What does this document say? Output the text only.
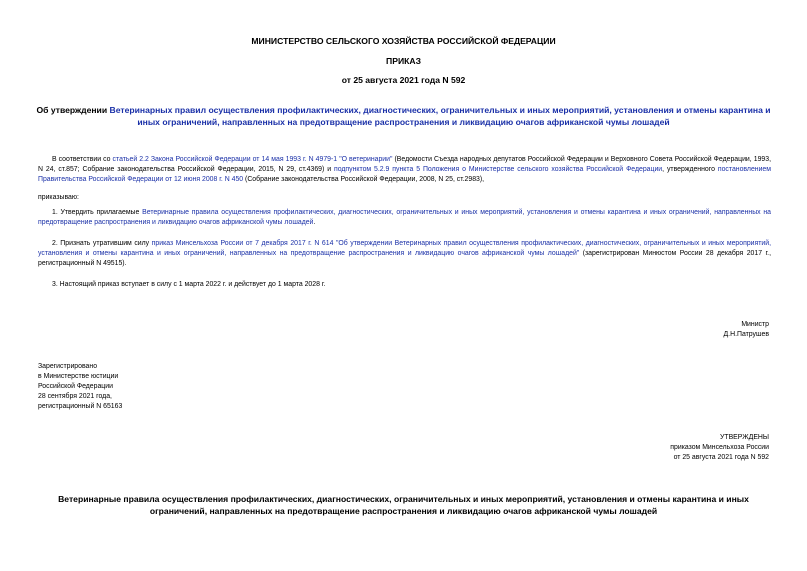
МИНИСТЕРСТВО СЕЛЬСКОГО ХОЗЯЙСТВА РОССИЙСКОЙ ФЕДЕРАЦИИ
ПРИКАЗ
от 25 августа 2021 года N 592
Об утверждении Ветеринарных правил осуществления профилактических, диагностических, ограничительных и иных мероприятий, установления и отмены карантина и иных ограничений, направленных на предотвращение распространения и ликвидацию очагов африканской чумы лошадей
В соответствии со статьей 2.2 Закона Российской Федерации от 14 мая 1993 г. N 4979-1 "О ветеринарии" (Ведомости Съезда народных депутатов Российской Федерации и Верховного Совета Российской Федерации, 1993, N 24, ст.857; Собрание законодательства Российской Федерации, 2015, N 29, ст.4369) и подпунктом 5.2.9 пункта 5 Положения о Министерстве сельского хозяйства Российской Федерации, утвержденного постановлением Правительства Российской Федерации от 12 июня 2008 г. N 450 (Собрание законодательства Российской Федерации, 2008, N 25, ст.2983),
приказываю:
1. Утвердить прилагаемые Ветеринарные правила осуществления профилактических, диагностических, ограничительных и иных мероприятий, установления и отмены карантина и иных ограничений, направленных на предотвращение распространения и ликвидацию очагов африканской чумы лошадей.
2. Признать утратившим силу приказ Минсельхоза России от 7 декабря 2017 г. N 614 "Об утверждении Ветеринарных правил осуществления профилактических, диагностических, ограничительных и иных мероприятий, установления и отмены карантина и иных ограничений, направленных на предотвращение распространения и ликвидацию очагов африканской чумы лошадей" (зарегистрирован Минюстом России 28 декабря 2017 г., регистрационный N 49515).
3. Настоящий приказ вступает в силу с 1 марта 2022 г. и действует до 1 марта 2028 г.
Министр
Д.Н.Патрушев
Зарегистрировано
в Министерстве юстиции
Российской Федерации
28 сентября 2021 года,
регистрационный N 65163
УТВЕРЖДЕНЫ
приказом Минсельхоза России
от 25 августа 2021 года N 592
Ветеринарные правила осуществления профилактических, диагностических, ограничительных и иных мероприятий, установления и отмены карантина и иных ограничений, направленных на предотвращение распространения и ликвидацию очагов африканской чумы лошадей
